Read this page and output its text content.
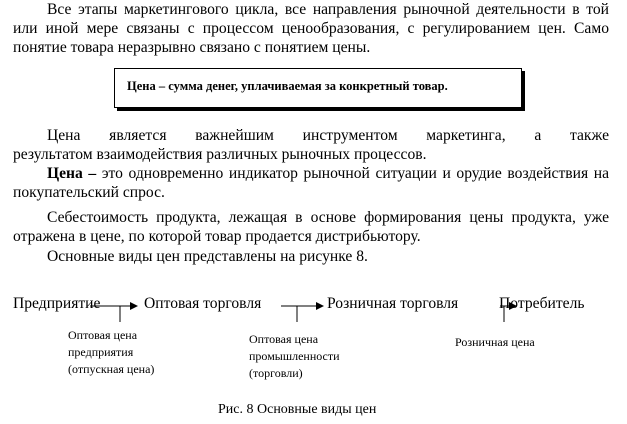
Все этапы маркетингового цикла, все направления рыночной деятельности в той или иной мере связаны с процессом ценообразования, с регулированием цен. Само понятие товара неразрывно связано с понятием цены.

Цена – сумма денег, уплачиваемая за конкретный товар.

Цена является важнейшим инструментом маркетинга, а также

результатом взаимодействия различных рыночных процессов.

Цена – это одновременно индикатор рыночной ситуации и орудие воздействия на покупательский спрос.

Себестоимость продукта, лежащая в основе формирования цены продукта, уже отражена в цене, по которой товар продается дистрибьютору.

Основные виды цен представлены на рисунке 8.

Предприятие	Оптовая торговля	Розничная торговля	Потребитель
Оптовая цена
предприятия
(отпускная цена)
Оптовая цена
промышленности
(торговли)
Розничная цена
Рис. 8 Основные виды цен
